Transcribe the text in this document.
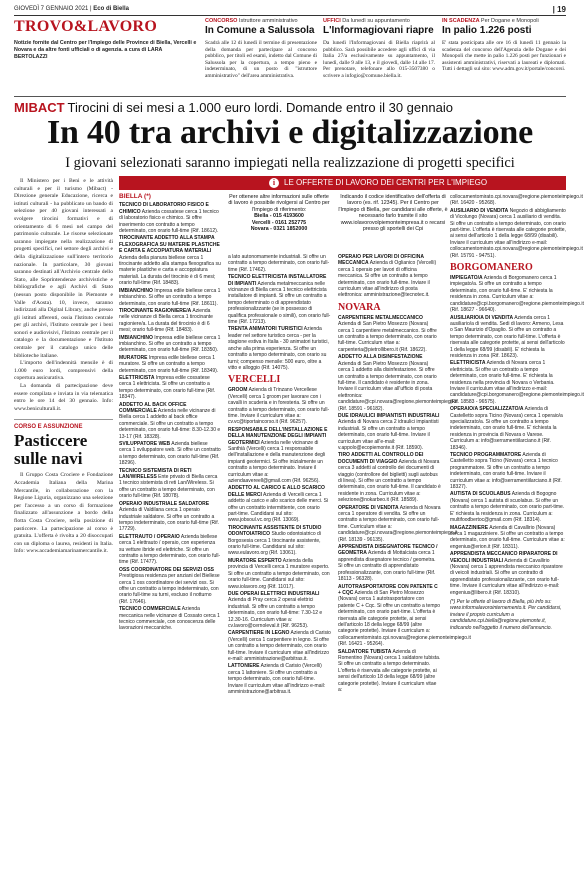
GIOVEDÌ 7 GENNAIO 2021 | Eco di Biella	| 19
TROVO&LAVORO
Notizie fornite dal Centro per l'Impiego delle Province di Biella, Vercelli e Novara e da altre fonti ufficiali o di agenzia. a cura di LARA BERTOLAZZI
CONCORSO Istruttore amministrativo
In Comune a Salussola

Scadrà alle 12 di lunedì il termine di presentazione della domanda per partecipare al concorso pubblico, per titoli ed esami, indetto dal Comune di Salussola per la copertura, a tempo pieno e indeterminato, di un posto di "istruttore amministrativo" dell'area amministrativa.

UFFICI Da lunedì su appuntamento
L'Informagiovani riapre

Da lunedì l'Informagiovani di Biella riaprirà al pubblico. Sarà possibile accedere agli uffici di via Italia 27/a esclusivamente su appuntamento, il lunedì, dalle 9 alle 13, e il giovedì, dalle 14 alle 17. Per prenotare, telefonare allo 015-3507380 o scrivere a infogio@comune.biella.it.

IN SCADENZA Per Dogane e Monopoli
In palio 1.226 posti

E' stata posticipata alle ore 16 di lunedì 11 gennaio la scadenza del concorso dell'Agenzia delle Dogane e dei Monopoli che mette in palio 1.226 posti per funzionari e assistenti amministrativi, riservati a laureati e diplomati. Tutti i dettagli sul sito: www.adm.gov.it/portale/concorsi.

MIBACT Tirocini di sei mesi a 1.000 euro lordi. Domande entro il 30 gennaio
In 40 tra archivi e digitalizzazione
I giovani selezionati saranno impiegati nella realizzazione di progetti specifici

Il Ministero per i Beni e le attività culturali e per il turismo (Mibact) - Direzione generale Educazione, ricerca e istituti culturali - ha pubblicato un bando di selezione per 40 giovani interessati a svolgere tirocini formativi e di orientamento di 6 mesi nel campo del patrimonio culturale. Le risorse selezionate saranno impiegate nella realizzazione di progetti specifici, nel settore degli archivi e della digitalizzazione sull'intero territorio nazionale. In particolare, 30 giovani saranno destinati all'Archivio centrale dello Stato, alle Soprintendenze archivistiche e bibliografiche e agli Archivi di Stato (nessun posto disponibile in Piemonte e Valle d'Aosta). 10, invece, saranno indirizzati alla Digital Library, anche presso gli istituti afferenti, ossia l'Istituto centrale per gli archivi, l'Istituto centrale per i beni sonori e audiovisivi, l'Istituto centrale per il catalogo e la documentazione e l'Istituto centrale per il catalogo unico delle biblioteche italiane.

L'importo dell'indennità mensile è di 1.000 euro lordi, comprensivi della copertura assicurativa.

La domanda di partecipazione deve essere compilata e inviata in via telematica entro le ore 14 del 30 gennaio. Info: www.beniculturali.it.

CORSO E ASSUNZIONE
Pasticcere sulle navi

Il Gruppo Costa Crociere e Fondazione Accademia Italiana della Marina Mercantile, in collaborazione con la Regione Liguria, organizzano una selezione per l'accesso a un corso di formazione finalizzato all'assunzione a bordo della flotta Costa Crociere, nella posizione di pasticcere. La partecipazione al corso è gratuita. L'offerta è rivolta a 20 disoccupati con un diploma o laurea, residenti in Italia. Info: www.accademiamarinamercantile.it.

i	LE OFFERTE DI LAVORO DEI CENTRI PER L'IMPIEGO
Per ottenere altre informazioni sulle offerte di lavoro è possibile rivolgersi al Centro per l'Impiego di riferimento:
Biella - 015 4193600
Vercelli - 0161 252775
Novara - 0321 1852000
Indicando il codice identificativo dell'offerta di lavoro (es. rif. 12345). Per il Centro per l'Impiego di Biella, per candidarsi alle offerte, è necessario farlo tramite il sito www.iolavorovolpiemonteimpresa.it o recarsi presso gli sportelli dei Cpi
BIELLA (*)
TECNICO DI LABORATORIO FISICO E CHIMICO Azienda cossatese cerca 1 tecnico di laboratorio fisico e chimico. Si offre inserimento con contratto a tempo determinato, con orario full-time (Rif. 18612).
TIROCINANTE ADDETTO ALLA STAMPA FLEXOGRAFICA SU MATERIE PLASTICHE E CARTA E ACCOPIATURA MATERIALI Azienda della pianura biellese cerca 1 tirocinante addetto alla stampa flexografica su materie plastiche e carta e accoppiatura materiali. La durata del tirocinio è di 6 mesi; orario full-time (Rif. 18483).
IMBIANCHINO Impresa edile biellese cerca 1 imbianchino. Si offre un contratto a tempo determinato, con orario full-time (Rif. 18611).
TIROCINANTE RAGIONIERE/A Azienda nelle vicinanze di Biella cerca 1 tirocinante ragioniere/a. La durata del tirocinio è di 6 mesi; orario full-time (Rif. 18483).
IMBIANCHINO Impresa edile biellese cerca 1 imbianchino. Si offre un contratto a tempo determinato, con orario full-time (Rif. 18350).
MURATORE Impresa edile biellese cerca 1 muratore. Si offre un contratto a tempo determinato, con orario full-time (Rif. 18349).
ELETTRICISTA Impresa edile cossatese cerca 1 elettricista. Si offre un contratto a tempo determinato, con orario full-time (Rif. 18347).
ADDETTO AL BACK OFFICE COMMERCIALE Azienda nelle vicinanze di Biella cerca 1 addetto al back office commerciale. Si offre un contratto a tempo determinato, con orario full-time: 8.30-12.30 e 13-17 (Rif. 18328).
SVILUPPATORE WEB Azienda biellese cerca 1 sviluppatore web. Si offre un contratto a tempo determinato, con orario full-time (Rif. 18296).
TECNICO SISTEMISTA DI RETI LAN/WIRELESS Ente privato di Biella cerca 1 tecnico sistemista di reti Lan/Wireless. Si offre un contratto a tempo determinato, con orario full-time (Rif. 18078).
OPERAIO INDUSTRIALE SALDATORE Azienda di Valdilana cerca 1 operaio industriale saldatore. Si offre un contratto a tempo indeterminato, con orario full-time (Rif. 17729).
ELETTRAUTO / OPERAIO Azienda biellese cerca 1 elettrauto / operaio, con esperienza su vetture ibride ed elettriche. Si offre un contratto a tempo determinato, con orario full-time (Rif. 17477).
OSS COORDINATORE DEI SERVIZI OSS Prestigiosa residenza per anziani del Biellese cerca 1 oss coordinatore dei servizi oss. Si offre un contratto a tempo indeterminato, con orario full-time su turni, escluso il notturno (Rif. 17646).
TECNICO COMMERCIALE Azienda meccanica nelle vicinanze di Cossato cerca 1 tecnico commerciale, con conoscenza delle lavorazioni meccaniche.
a lato autonomamente industriali. Si offre un contratto a tempo determinato, con orario full-time (Rif. 17462).
TECNICO ELETTRICISTA INSTALLATORE DI IMPIANTI Azienda metalmeccanica nelle vicinanze di Biella cerca 1 tecnico elettricista installatore di impianti. Si offre un contratto a tempo determinato o di apprendistato professionalizzante (se in possesso di qualifica professionale o simili), con orario full-time (Rif. 17213).
TRENTA ANIMATORI TURISTICI Azienda leader nel settore turistico cerca - per la stagione estiva in Italia - 30 animatori turistici, anche alla prima esperienza. Si offre un contratto a tempo determinato, con orario su turni; compenso mensile: 500 euro, oltre a vitto e alloggio (Rif. 14075).
VERCELLI
GROOM Azienda di Trinzano Vercellese (Vercelli) cerca 1 groom per lavorare con i cavalli in scuderia e in foresteria. Si offre un contratto a tempo determinato, con orario full-time. Inviare il curriculum vitae a: cv.vc@tiportaincorso.it (Rif. 96257).
RESPONSABILE DELL'INSTALLAZIONE E DELLA MANUTENZIONE DEGLI IMPIANTI GEOTERMICI Azienda nelle vicinanze di Santhià (Vercelli) cerca 1 responsabile dell'installazione e della manutenzione degli impianti geotermici. Si offre inizialmente un contratto a tempo determinato. Inviare il curriculum vitae a: aziendaavereell@gmail.com (Rif. 96256).
ADDETTO AL CARICO E ALLO SCARICO DELLE MERCI Azienda di Vercelli cerca 1 addetto al carico e allo scarico delle merci. Si offre un contratto intermittente, con orario part-time. Candidarsi sul sito: www.jobsoul.vc.org (Rif. 13069).
TIROCINANTE ASSISTENTE DI STUDIO ODONTOIATRICO Studio odontoiatrico di Borgosesia cerca 1 tirocinante assistente, orario full-time. Candidarsi sul sito: www.eulavoro.org (Rif. 13061).
MURATORE ESPERTO Azienda della provincia di Vercelli cerca 1 muratore esperto. Si offre un contratto a tempo determinato, con orario full-time. Candidarsi sul sito: www.iolavoro.org (Rif. 11017).
DUE OPERAI ELETTRICI INDUSTRIALI Azienda di Pray cerca 2 operai elettrici industriali. Si offre un contratto a tempo determinato, con orario full-time: 7.30-12 e 12.30-16. Curriculum vitae a: cv.lavoro@cernoleval.it (Rif. 96253).
CARPENTIERE IN LEGNO Azienda di Carisio (Vercelli) cerca 1 carpentiere in legno. Si offre un contratto a tempo determinato, con orario full-time. Inviare il curriculum vitae all'indirizzo e-mail: amministrazione@arbitras.it.
LATTONIERE Azienda di Carisio (Vercelli) cerca 1 lattoniere. Si offre un contratto a tempo determinato, con orario full-time. Inviare il curriculum vitae all'indirizzo e-mail: amministrazione@arbitras.it.
OPERAIO PER LAVORI DI OFFICINA MECCANICA Azienda di Oglianico (Vercelli) cerca 1 operaio per lavori di officina meccanica. Si offre un contratto a tempo determinato, con orario full-time. Inviare il curriculum vitae all'indirizzo di posta elettronica: amministrazione@tecnotec.it.
NOVARA
CARPENTIERE METALMECCANICO Azienda di San Pietro Mosezzo (Novara) cerca 1 carpentiere metalmeccanico. Si offre un contratto a tempo determinato, con orario full-time. Curriculum vitae a: carpenteria@pietrollibero.it (Rif. 18622).
ADDETTO ALLA DISINFESTAZIONE Azienda di San Pietro Mosezzo (Novara) cerca 1 addetto alla disinfestazione. Si offre un contratto a tempo determinato, con orario full-time. Il candidato è residente in zona. Inviare il curriculum vitae all'ufficio di posta elettronica: candidature@cpi.novara@regione.piemonteimpiego.it (Rif. 18591 - 96182).
DUE IDRAULICI IMPIANTISTI INDUSTRIALI Azienda di Novara cerca 2 idraulici impiantisti industriali. Si offre un contratto a tempo determinato, con orario full-time. Inviare il curriculum vitae all'e-mail: v.appolo@ecopiemonte.it (Rif. 18590).
TIRO ADDETTI AL CONTROLLO DEI DOCUMENTI DI VIAGGIO Azienda di Novara cerca 3 addetti al controllo dei documenti di viaggio (controllore del biglietti) sugli autobus di linea). Si offre un contratto a tempo determinato, con orario full-time. Il candidato è residente in zona. Curriculum vitae a: selezione@nokarbeo.it (Rif. 18589).
OPERATORE DI VENDITA Azienda di Novara cerca 1 operatore di vendita. Si offre un contratto a tempo determinato, con orario full-time. Curriculum vitae a: candidature@cpi.novara@regione.piemonteimpiego.it (Rif. 18139 - 96135).
APPRENDISTA DISEGNATORE TECNICO / GEOMETRA Azienda di Mottalciata cerca 1 apprendista disegnatore tecnico / geometra. Si offre un contratto di apprendistato professionalizzante, con orario full-time (Rif. 18113 - 96328).
AUTOTRASPORTATORE CON PATENTE C + CQC Azienda di San Pietro Mosezzo (Novara) cerca 1 autotrasportatore con patente C + Cqc. Si offre un contratto a tempo determinato, con orario part-time. L'offerta è riservata alle categorie protette, ai sensi dell'articolo 18 della legge 68/99 (altre categorie protette). Inviare il curriculum a: collocamentomirato.cpi.novara@regione.piemonteimpiego.it (Rif. 16421 - 95264).
SALDATORE TUBISTA Azienda di Romentino (Novara) cerca 1 saldatore tubista. Si offre un contratto a tempo determinato. L'offerta è riservata alle categorie protette, ai sensi dell'articolo 18 della legge 68/99 (altre categorie protette). Inviare il curriculum vitae a:
collocamentomirato.cpi.novara@regione.piemonteimpiego.it (Rif. 16420 - 95268).
AUSILIARIO DI VENDITA Negozio di abbigliamento di Vicolungo (Novara) cerca 1 ausiliario di vendita. Si offre un contratto a tempo determinato, con orario part-time. L'offerta è riservata alle categorie protette, ai sensi dell'articolo 1 della legge 68/99 (disabili). Inviare il curriculum vitae all'indirizzo e-mail: collocamentomirato.cpi.novara@regione.piemonteimpiego.it (Rif. 15791 - 94751).
BORGOMANERO
IMPIEGATO/A Azienda di Borgomanero cerca 1 impiegato/a. Si offre un contratto a tempo determinato, con orario full-time. E' richiesta la residenza in zona. Curriculum vitae a: candidature@cpi.borgomanero@regione.piemonteimpiego.it (Rif. 18627 - 96640).
AUSILIARIO/A DI VENDITA Azienda cerca 1 ausiliario/a di vendita. Sedi di lavoro: Armeno, Lesa o San Maurizio d'Opaglio. Si offre un contratto a tempo determinato, con orario full-time. L'offerta è riservata alle categorie protette, ai sensi dell'articolo 1 della legge 68/99 (disabili). E' richiesta la residenza in zona (Rif. 18623).
ELETTRICISTA Azienda di Novara cerca 1 elettricista. Si offre un contratto a tempo determinato, con orario full-time. E' richiesta la residenza nella provincia di Novara o Verbania. Inviare il curriculum vitae all'indirizzo e-mail: candidature@cpi.borgomanero@regione.piemonteimpiego.it (Rif. 18583 - 96575).
OPERAIO/A SPECIALIZZATO/A Azienda di Castelletto sopra Ticino (Novara) cerca 1 operaio/a specializzato/a. Si offre un contratto a tempo indeterminato, con orario full-time. E' richiesta la residenza in provincia di Novara o Varese. Curriculum a: info@serramentiilarciano.it (Rif. 18346).
TECNICO PROGRAMMATORE Azienda di Castelletto sopra Ticino (Novara) cerca 1 tecnico programmatore. Si offre un contratto a tempo indeterminato, con orario full-time. Inviare il curriculum vitae a: info@serramentiilarciano.it (Rif. 18327).
AUTISTA DI SCUOLABUS Azienda di Bogogno (Novara) cerca 1 autista di scuolabus. Si offre un contratto a tempo determinato, con orario part-time. E' richiesta la residenza in zona. Curriculum a: multifoodbertoc@gmail.com (Rif. 18314).
MAGAZZINIERE Azienda di Cavallirio (Novara) cerca 1 magazziniere. Si offre un contratto a tempo determinato, con orario full-time. Curriculum vitae a: engenius@erion.it (Rif. 18311).
APPRENDISTA MECCANICO RIPARATORE DI VEICOLI INDUSTRIALI Azienda di Cavallirio (Novara) cerca 1 apprendista meccanico riparatore di veicoli industriali. Si offre un contratto di apprendistato professionalizzante, con orario full-time. Inviare il curriculum vitae all'indirizzo e-mail: engenius@libero.it (Rif. 18310).
(*) Per le offerte di lavoro di Biella, più info su: www.informalavorointernemento.it. Per candidarsi, inviare il proprio curriculum a candidature.cpi.biella@regione.piemonte.it, indicando nell'oggetto il numero dell'annuncio.
